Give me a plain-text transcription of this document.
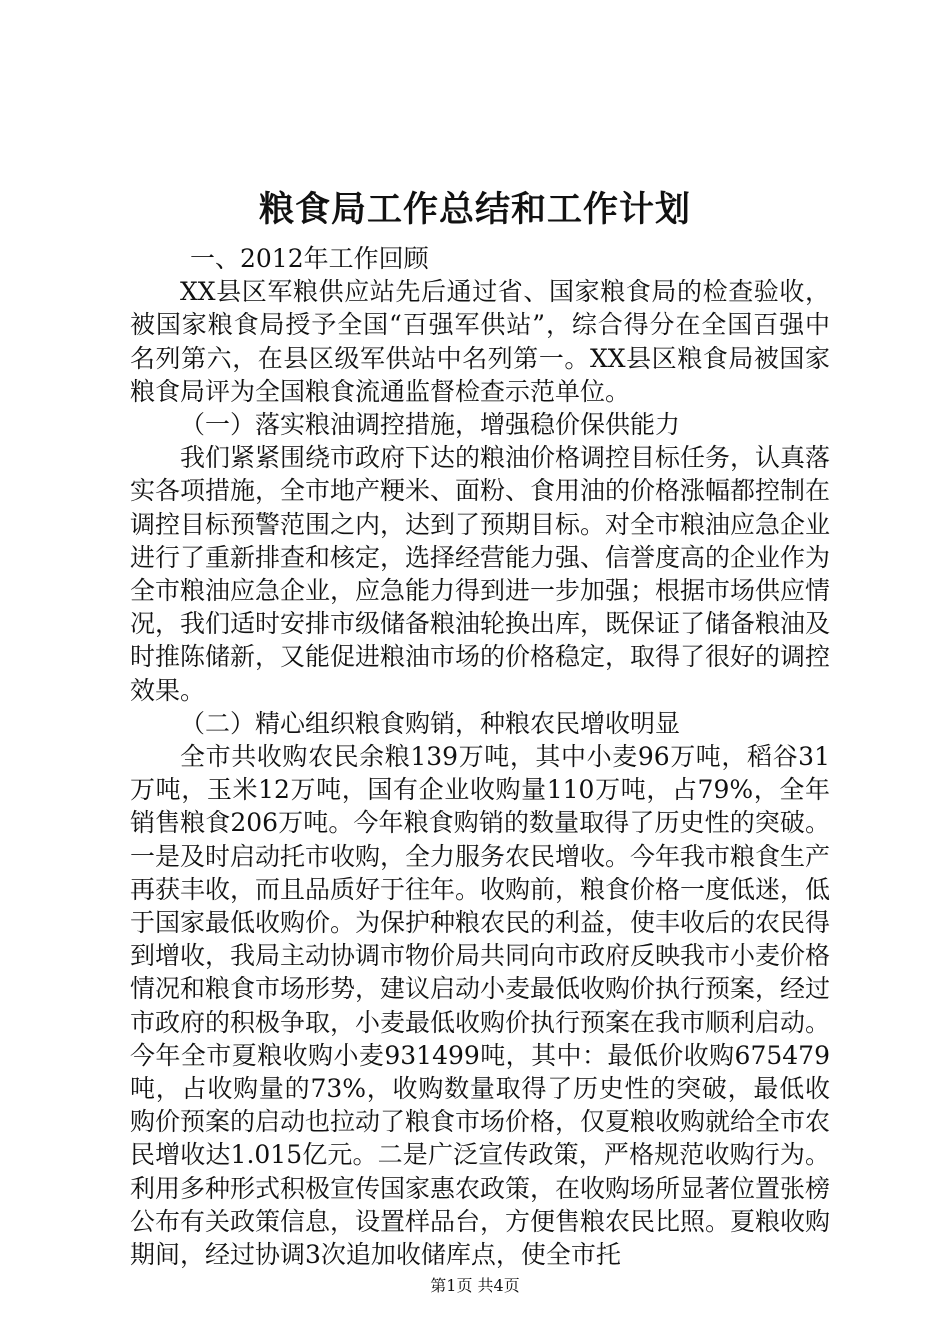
粮食局工作总结和工作计划

一、2012年工作回顾

XX县区军粮供应站先后通过省、国家粮食局的检查验收，被国家粮食局授予全国“百强军供站”，综合得分在全国百强中名列第六，在县区级军供站中名列第一。XX县区粮食局被国家粮食局评为全国粮食流通监督检查示范单位。

（一）落实粮油调控措施，增强稳价保供能力

我们紧紧围绕市政府下达的粮油价格调控目标任务，认真落实各项措施，全市地产粳米、面粉、食用油的价格涨幅都控制在调控目标预警范围之内，达到了预期目标。对全市粮油应急企业进行了重新排查和核定，选择经营能力强、信誉度高的企业作为全市粮油应急企业，应急能力得到进一步加强；根据市场供应情况，我们适时安排市级储备粮油轮换出库，既保证了储备粮油及时推陈储新，又能促进粮油市场的价格稳定，取得了很好的调控效果。

（二）精心组织粮食购销，种粮农民增收明显

全市共收购农民余粮139万吨，其中小麦96万吨，稻谷31万吨，玉米12万吨，国有企业收购量110万吨，占79%，全年销售粮食206万吨。今年粮食购销的数量取得了历史性的突破。一是及时启动托市收购，全力服务农民增收。今年我市粮食生产再获丰收，而且品质好于往年。收购前，粮食价格一度低迷，低于国家最低收购价。为保护种粮农民的利益，使丰收后的农民得到增收，我局主动协调市物价局共同向市政府反映我市小麦价格情况和粮食市场形势，建议启动小麦最低收购价执行预案，经过市政府的积极争取，小麦最低收购价执行预案在我市顺利启动。今年全市夏粮收购小麦931499吨，其中：最低价收购675479吨，占收购量的73%，收购数量取得了历史性的突破，最低收购价预案的启动也拉动了粮食市场价格，仅夏粮收购就给全市农民增收达1.015亿元。二是广泛宣传政策，严格规范收购行为。利用多种形式积极宣传国家惠农政策，在收购场所显著位置张榜公布有关政策信息，设置样品台，方便售粮农民比照。夏粮收购期间，经过协调3次追加收储库点，使全市托

第1页 共4页
